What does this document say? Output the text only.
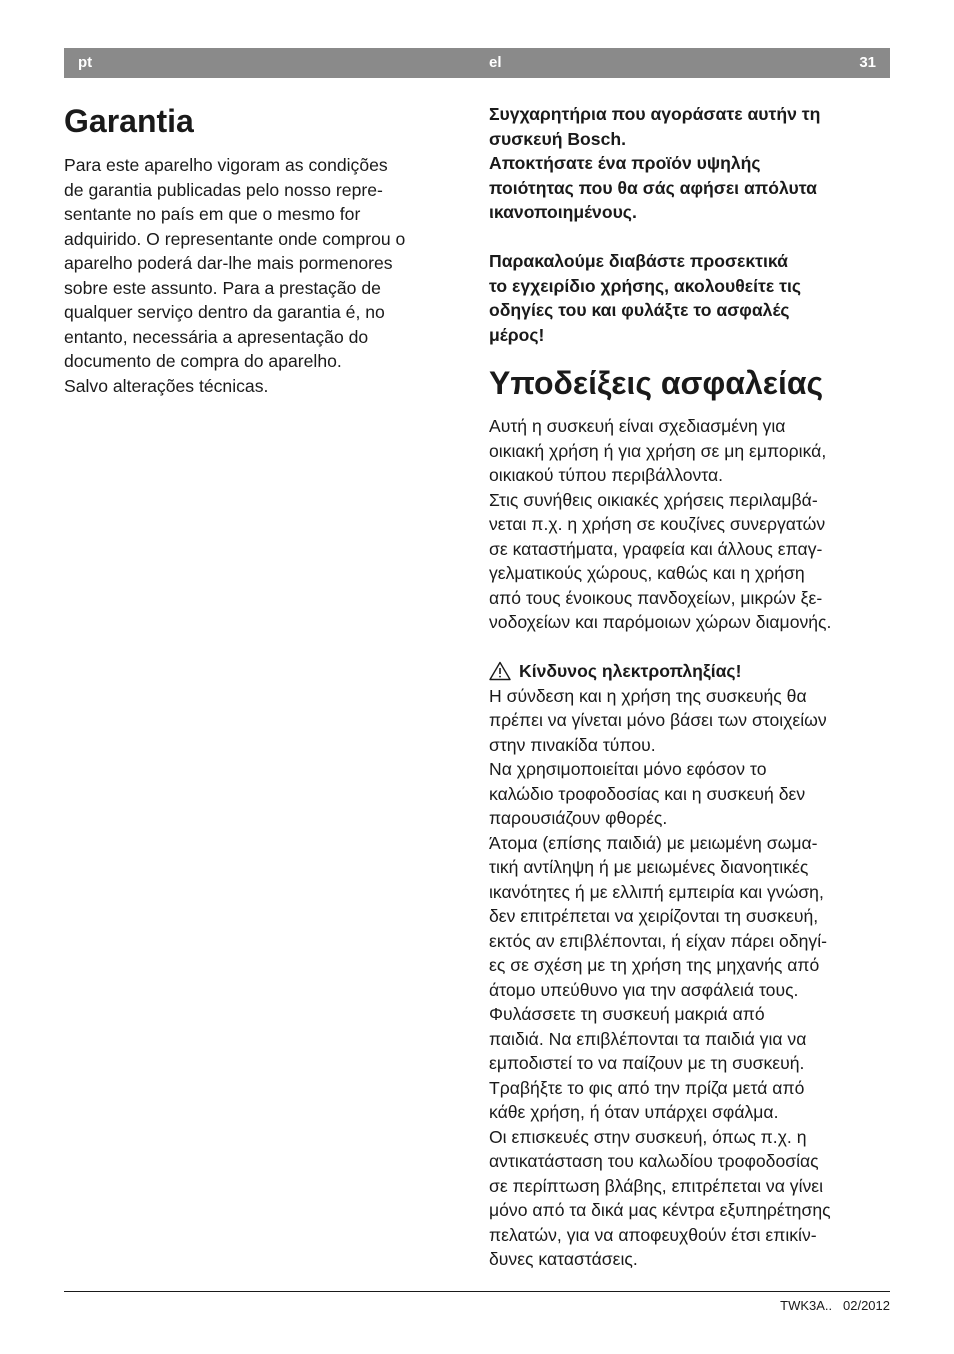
pt	el	31
Garantia

Para este aparelho vigoram as condições
de garantia publicadas pelo nosso repre-
sentante no país em que o mesmo for
adquirido. O representante onde comprou o
aparelho poderá dar-lhe mais pormenores
sobre este assunto. Para a prestação de
qualquer serviço dentro da garantia é, no
entanto, necessária a apresentação do
documento de compra do aparelho.
Salvo alterações técnicas.

Συγχαρητήρια που αγοράσατε αυτήν τη
συσκευή Bosch.
Αποκτήσατε ένα προϊόν υψηλής
ποιότητας που θα σάς αφήσει απόλυτα
ικανοποιημένους.

Παρακαλούμε διαβάστε προσεκτικά
το εγχειρίδιο χρήσης, ακολουθείτε τις
οδηγίες του και φυλάξτε το ασφαλές
μέρος!

Υποδείξεις ασφαλείας

Αυτή η συσκευή είναι σχεδιασμένη για
οικιακή χρήση ή για χρήση σε μη εμπορικά,
οικιακού τύπου περιβάλλοντα.
Στις συνήθεις οικιακές χρήσεις περιλαμβά-
νεται π.χ. η χρήση σε κουζίνες συνεργατών
σε καταστήματα, γραφεία και άλλους επαγ-
γελματικούς χώρους, καθώς και η χρήση
από τους ένοικους πανδοχείων, μικρών ξε-
νοδοχείων και παρόμοιων χώρων διαμονής.

Κίνδυνος ηλεκτροπληξίας!

Η σύνδεση και η χρήση της συσκευής θα
πρέπει να γίνεται μόνο βάσει των στοιχείων
στην πινακίδα τύπου.
Να χρησιμοποιείται μόνο εφόσον το
καλώδιο τροφοδοσίας και η συσκευή δεν
παρουσιάζουν φθορές.
Άτομα (επίσης παιδιά) με μειωμένη σωμα-
τική αντίληψη ή με μειωμένες διανοητικές
ικανότητες ή με ελλιπή εμπειρία και γνώση,
δεν επιτρέπεται να χειρίζονται τη συσκευή,
εκτός αν επιβλέπονται, ή είχαν πάρει οδηγί-
ες σε σχέση με τη χρήση της μηχανής από
άτομο υπεύθυνο για την ασφάλειά τους.
Φυλάσσετε τη συσκευή μακριά από
παιδιά. Να επιβλέπονται τα παιδιά για να
εμποδιστεί το να παίζουν με τη συσκευή.
Τραβήξτε το φις από την πρίζα μετά από
κάθε χρήση, ή όταν υπάρχει σφάλμα.
Οι επισκευές στην συσκευή, όπως π.χ. η
αντικατάσταση του καλωδίου τροφοδοσίας
σε περίπτωση βλάβης, επιτρέπεται να γίνει
μόνο από τα δικά μας κέντρα εξυπηρέτησης
πελατών, για να αποφευχθούν έτσι επικίν-
δυνες καταστάσεις.

TWK3A.. 02/2012
